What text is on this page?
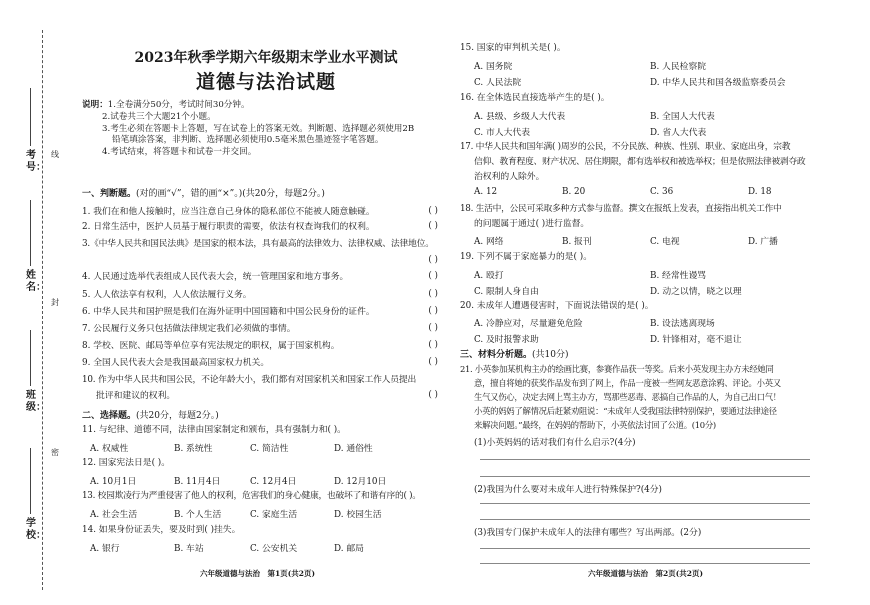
考号：
姓名：
班级：
学校：
线
封
密
2023年秋季学期六年级期末学业水平测试
道德与法治试题
说明：1.全卷满分50分，考试时间30分钟。
2.试卷共三个大题21个小题。
3.考生必须在答题卡上答题，写在试卷上的答案无效。判断题、选择题必须使用2B
铅笔填涂答案，非判断、选择题必须使用0.5毫米黑色墨迹签字笔答题。
4.考试结束，将答题卡和试卷一并交回。
一、判断题。(对的画“√”，错的画“×”。)(共20分，每题2分。)
1. 我们在和他人接触时，应当注意自己身体的隐私部位不能被人随意触碰。	( )
2. 日常生活中，医护人员基于履行职责的需要，依法有权查询我们的权利。	( )
3.《中华人民共和国民法典》是国家的根本法，具有最高的法律效力、法律权威、法律地位。
( )
4. 人民通过选举代表组成人民代表大会，统一管理国家和地方事务。	( )
5. 人人依法享有权利，人人依法履行义务。	( )
6. 中华人民共和国护照是我们在海外证明中国国籍和中国公民身份的证件。	( )
7. 公民履行义务只包括做法律规定我们必须做的事情。	( )
8. 学校、医院、邮局等单位享有宪法规定的职权，属于国家机构。	( )
9. 全国人民代表大会是我国最高国家权力机关。	( )
10. 作为中华人民共和国公民，不论年龄大小，我们都有对国家机关和国家工作人员提出
批评和建议的权利。	( )
二、选择题。(共20分，每题2分。)
11. 与纪律、道德不同，法律由国家制定和颁布，具有强制力和( )。
A. 权威性	B. 系统性	C. 简洁性	D. 通俗性
12. 国家宪法日是( )。
A. 10月1日	B. 11月4日	C. 12月4日	D. 12月10日
13. 校园欺凌行为严重侵害了他人的权利，危害我们的身心健康，也破坏了和谐有序的( )。
A. 社会生活	B. 个人生活	C. 家庭生活	D. 校园生活
14. 如果身份证丢失，要及时到( )挂失。
A. 银行	B. 车站	C. 公安机关	D. 邮局
六年级道德与法治　第1页(共2页)
15. 国家的审判机关是( )。
A. 国务院	B. 人民检察院
C. 人民法院	D. 中华人民共和国各级监察委员会
16. 在全体选民直接选举产生的是( )。
A. 县级、乡级人大代表	B. 全国人大代表
C. 市人大代表	D. 省人大代表
17. 中华人民共和国年满( )周岁的公民，不分民族、种族、性别、职业、家庭出身，宗教
信仰、教育程度、财产状况、居住期限，都有选举权和被选举权；但是依照法律被剥夺政
治权利的人除外。
A. 12	B. 20	C. 36	D. 18
18. 生活中，公民可采取多种方式参与监督。撰文在报纸上发表，直接指出机关工作中
的问题属于通过( )进行监督。
A. 网络	B. 报刊	C. 电视	D. 广播
19. 下列不属于家庭暴力的是( )。
A. 殴打	B. 经常性谩骂
C. 限制人身自由	D. 动之以情，晓之以理
20. 未成年人遭遇侵害时，下面说法错误的是( )。
A. 冷静应对，尽量避免危险	B. 设法逃离现场
C. 及时报警求助	D. 针锋相对，毫不退让
三、材料分析题。(共10分)
21. 小英参加某机构主办的绘画比赛，参赛作品获一等奖。后来小英发现主办方未经她同
意，擅自将她的获奖作品发布到了网上，作品一度被一些网友恶意涂鸦、评论。小英又
生气又伤心，决定去网上骂主办方，骂那些恶毒、恶搞自己作品的人，为自己出口气！
小英的妈妈了解情况后赶紧劝阻说：“未成年人受我国法律特别保护，要通过法律途径
来解决问题。”最终，在妈妈的帮助下，小英依法讨回了公道。(10分)
(1)小英妈妈的话对我们有什么启示?(4分)
(2)我国为什么要对未成年人进行特殊保护?(4分)
(3)我国专门保护未成年人的法律有哪些？写出两部。(2分)
六年级道德与法治　第2页(共2页)
